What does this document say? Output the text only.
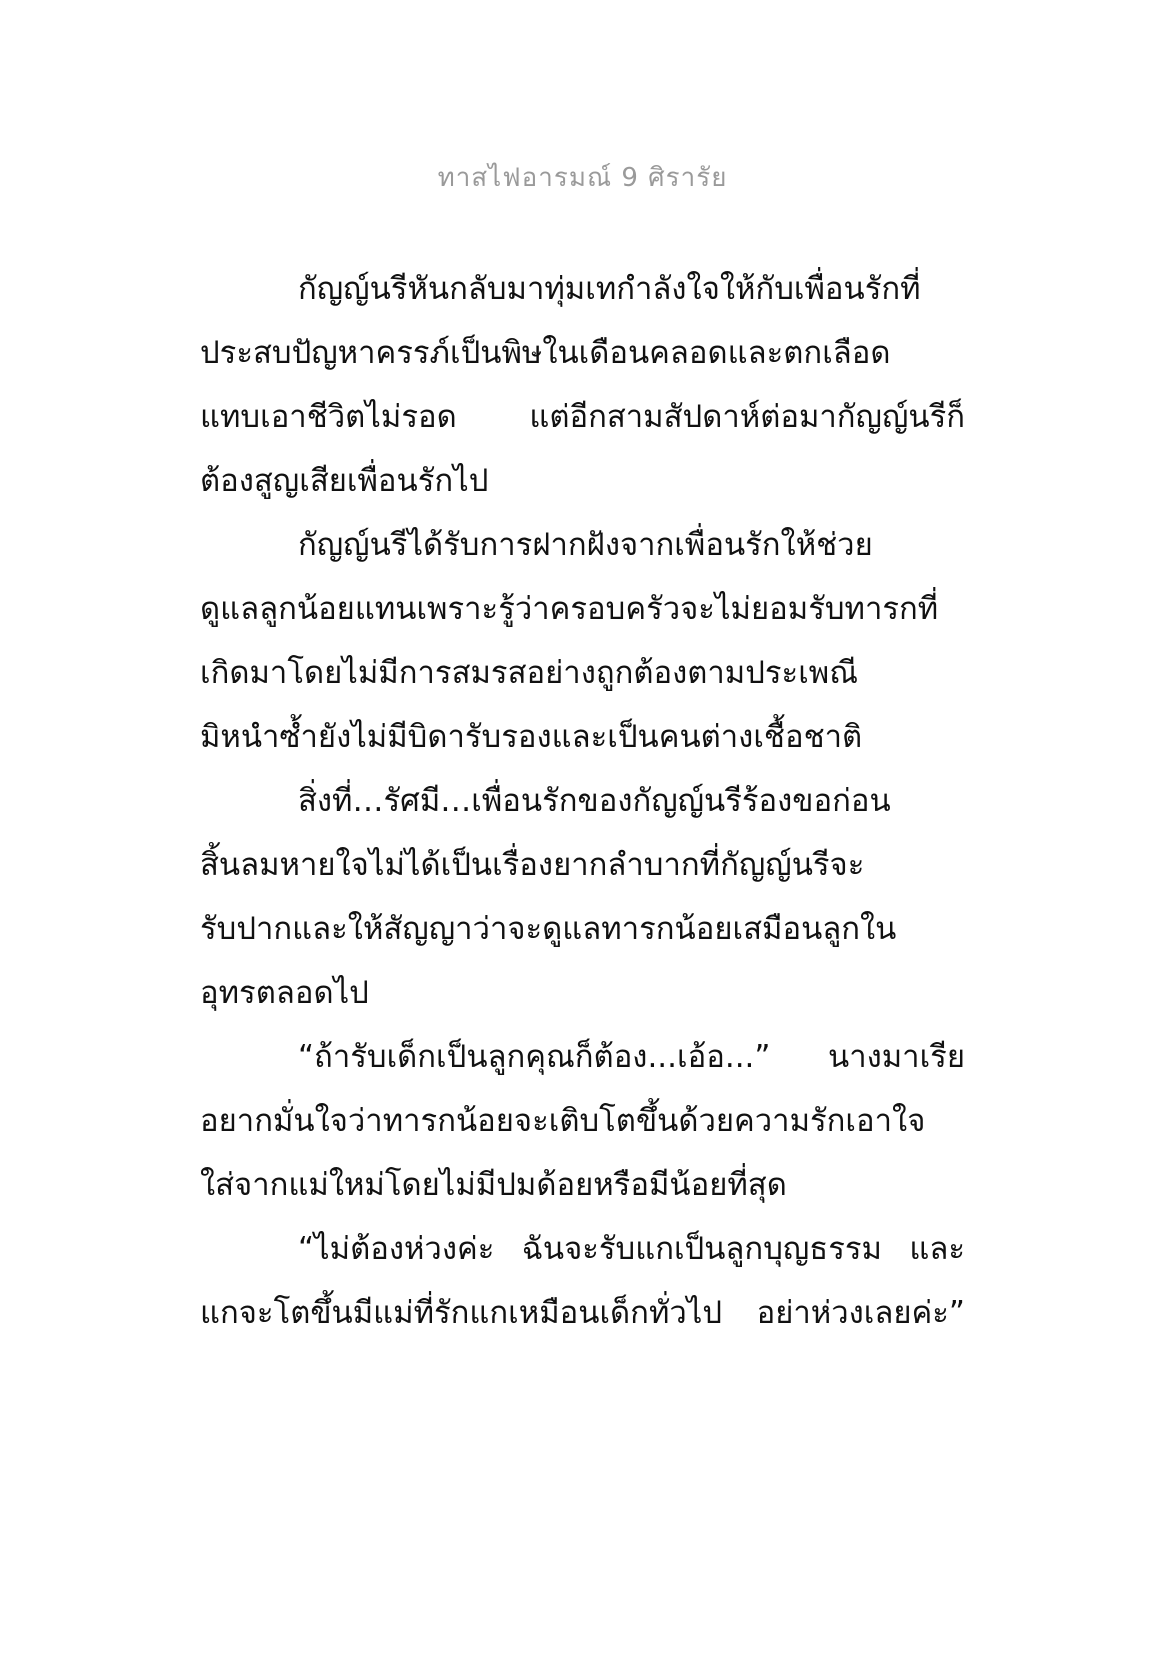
ทาสไฟอารมณ์ 9 ศิรารัย
กัญญ์นรีหันกลับมาทุ่มเทกำลังใจให้กับเพื่อนรักที่
ประสบปัญหาครรภ์เป็นพิษในเดือนคลอดและตกเลือด
แทบเอาชีวิตไม่รอด แต่อีกสามสัปดาห์ต่อมากัญญ์นรีก็
ต้องสูญเสียเพื่อนรักไป
กัญญ์นรีได้รับการฝากฝังจากเพื่อนรักให้ช่วย
ดูแลลูกน้อยแทนเพราะรู้ว่าครอบครัวจะไม่ยอมรับทารกที่
เกิดมาโดยไม่มีการสมรสอย่างถูกต้องตามประเพณี
มิหนำซ้ำยังไม่มีบิดารับรองและเป็นคนต่างเชื้อชาติ
สิ่งที่…รัศมี…เพื่อนรักของกัญญ์นรีร้องขอก่อน
สิ้นลมหายใจไม่ได้เป็นเรื่องยากลำบากที่กัญญ์นรีจะ
รับปากและให้สัญญาว่าจะดูแลทารกน้อยเสมือนลูกใน
อุทรตลอดไป
“ถ้ารับเด็กเป็นลูกคุณก็ต้อง...เอ้อ...” นางมาเรีย
อยากมั่นใจว่าทารกน้อยจะเติบโตขึ้นด้วยความรักเอาใจ
ใส่จากแม่ใหม่โดยไม่มีปมด้อยหรือมีน้อยที่สุด
“ไม่ต้องห่วงค่ะ ฉันจะรับแกเป็นลูกบุญธรรม และ
แกจะโตขึ้นมีแม่ที่รักแกเหมือนเด็กทั่วไป อย่าห่วงเลยค่ะ”
